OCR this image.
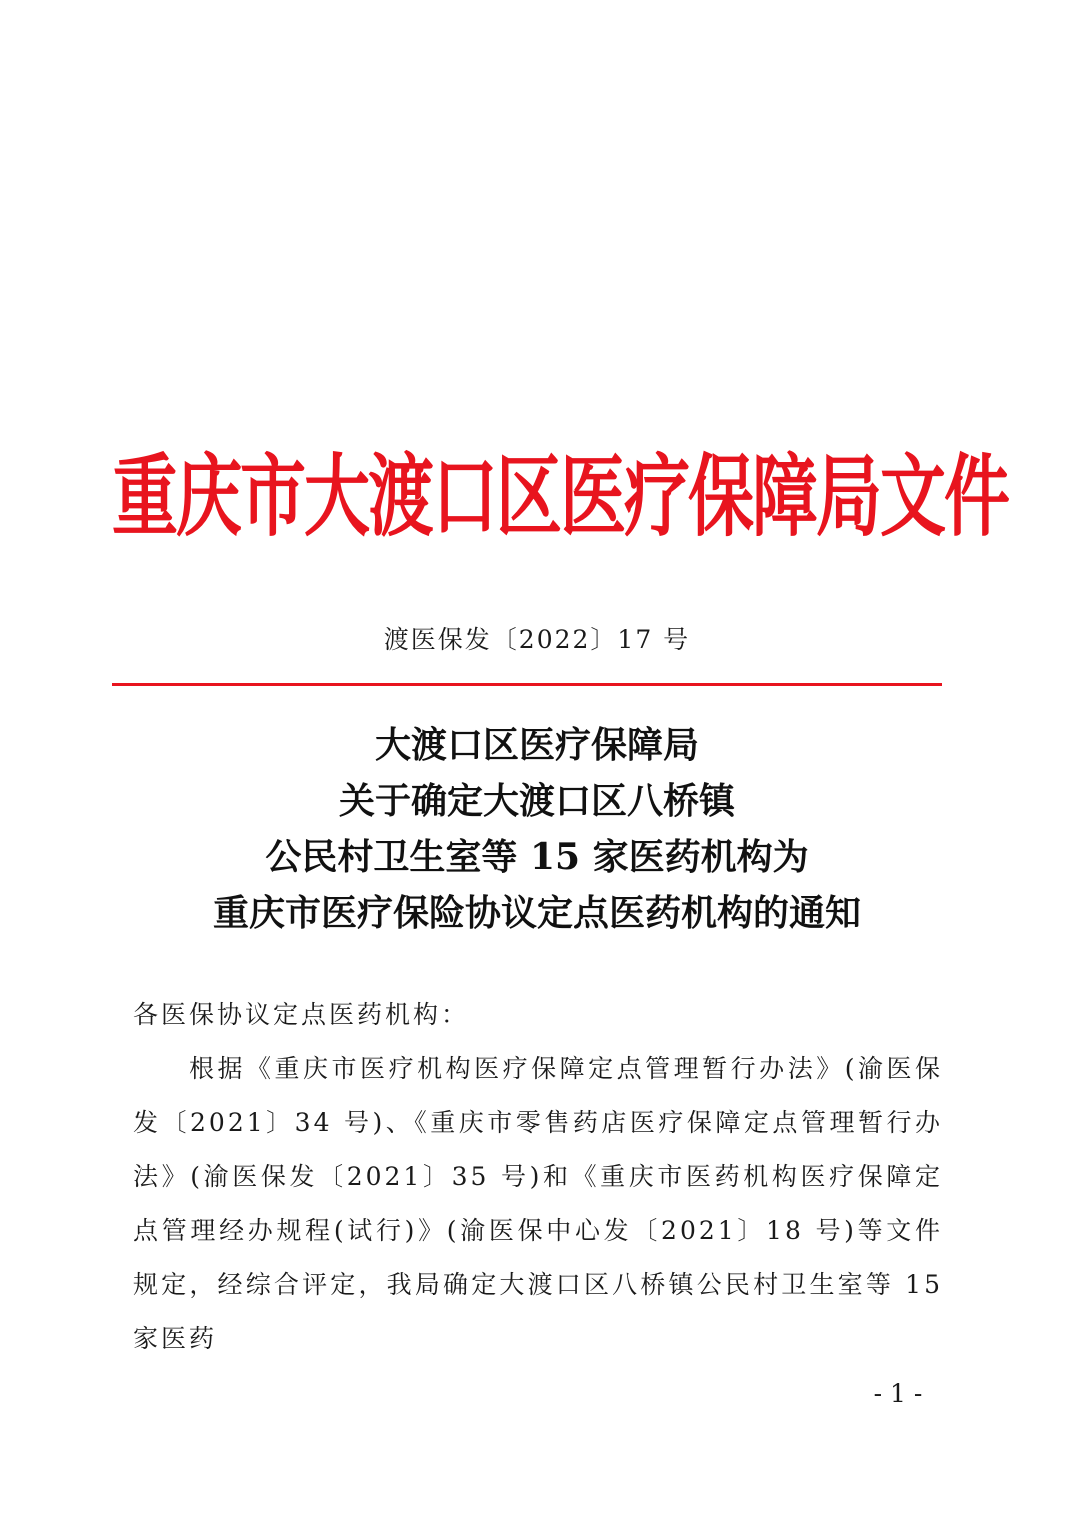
重庆市大渡口区医疗保障局文件
渡医保发〔2022〕17 号
大渡口区医疗保障局
关于确定大渡口区八桥镇
公民村卫生室等 15 家医药机构为
重庆市医疗保险协议定点医药机构的通知
各医保协议定点医药机构：
根据《重庆市医疗机构医疗保障定点管理暂行办法》(渝医保发〔2021〕34 号)、《重庆市零售药店医疗保障定点管理暂行办法》(渝医保发〔2021〕35 号)和《重庆市医药机构医疗保障定点管理经办规程(试行)》(渝医保中心发〔2021〕18 号)等文件规定，经综合评定，我局确定大渡口区八桥镇公民村卫生室等 15 家医药
- 1 -
